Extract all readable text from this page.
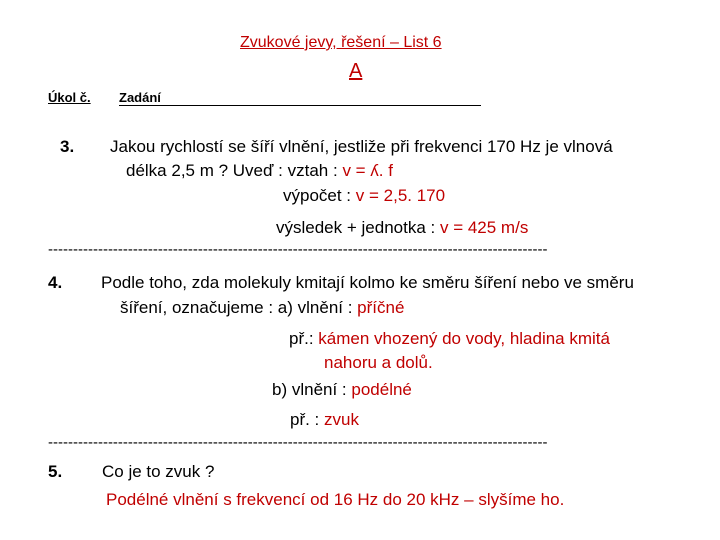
Zvukové jevy, řešení – List 6
A
Úkol č. Zadání
3. Jakou rychlostí se šíří vlnění, jestliže při frekvenci 170 Hz je vlnová
délka 2,5 m ? Uveď : vztah : v = ʎ. f
výpočet : v = 2,5. 170
výsledek + jednotka : v = 425 m/s
----------------------------------------------------------------------------------------------------
4. Podle toho, zda molekuly kmitají kolmo ke směru šíření nebo ve směru
šíření, označujeme : a) vlnění : příčné
př.: kámen vhozený do vody, hladina kmitá
nahoru a dolů.
b) vlnění : podélné
př. : zvuk
----------------------------------------------------------------------------------------------------
5. Co je to zvuk ?
Podélné vlnění s frekvencí od 16 Hz do 20 kHz – slyšíme ho.
